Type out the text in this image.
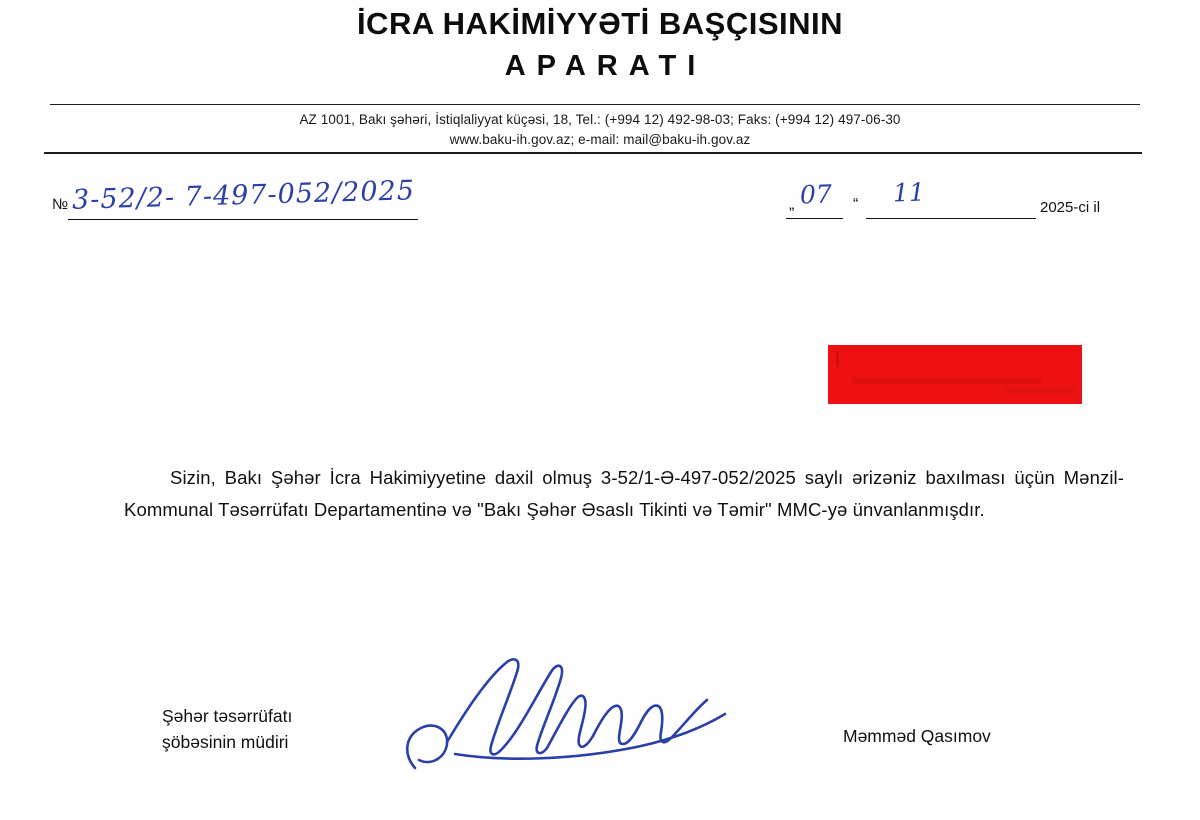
İCRA HAKİMİYYƏTİ BAŞÇISININ
APARATI
AZ 1001, Bakı şəhəri, İstiqlaliyyat küçəsi, 18, Tel.: (+994 12) 492-98-03; Faks: (+994 12) 497-06-30
www.baku-ih.gov.az; e-mail: mail@baku-ih.gov.az
№ 3-52/2- 7-497-052/2025	„ 07 “ 11	2025-ci il
Sizin, Bakı Şəhər İcra Hakimiyyetine daxil olmuş 3-52/1-Ə-497-052/2025 saylı ərizəniz baxılması üçün Mənzil-Kommunal Təsərrüfatı Departamentinə və "Bakı Şəhər Əsaslı Tikinti və Təmir" MMC-yə ünvanlanmışdır.
Şəhər təsərrüfatı
şöbəsinin müdiri	Məmməd Qasımov
